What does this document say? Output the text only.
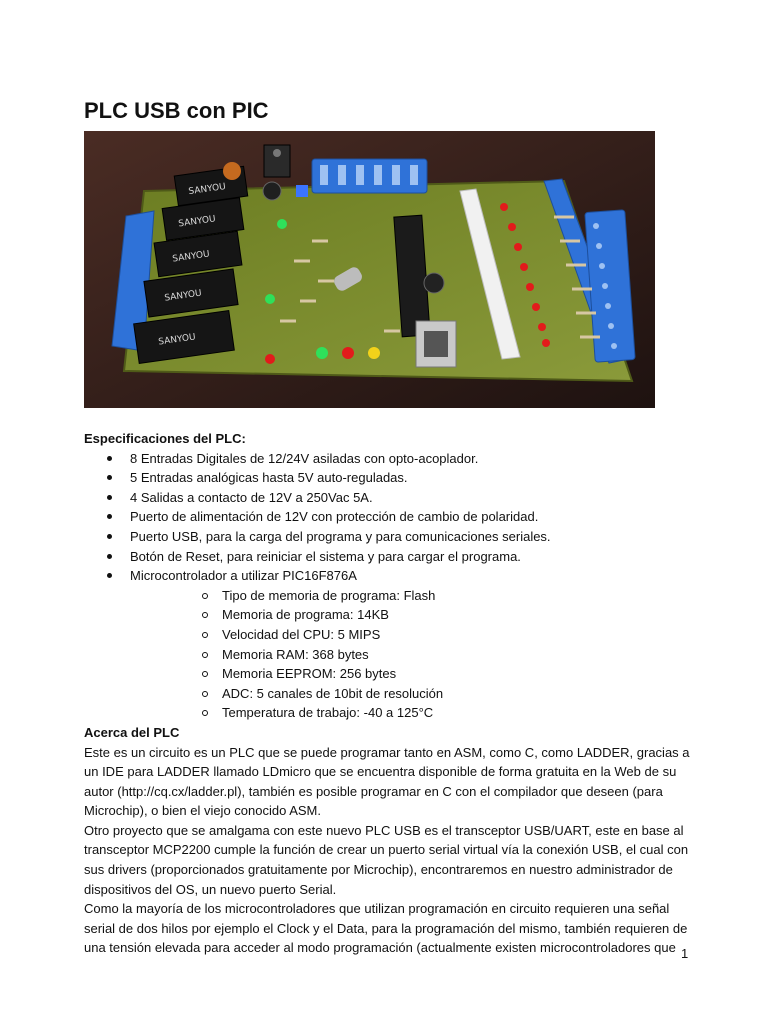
PLC USB con PIC
SANYOU
SANYOU
SANYOU
SANYOU
SANYOU

Especificaciones del PLC:

8 Entradas Digitales de 12/24V asiladas con opto-acoplador.
5 Entradas analógicas hasta 5V auto-reguladas.
4 Salidas a contacto de 12V a 250Vac 5A.
Puerto de alimentación de 12V con protección de cambio de polaridad.
Puerto USB, para la carga del programa y para comunicaciones seriales.
Botón de Reset, para reiniciar el sistema y para cargar el programa.
Microcontrolador a utilizar PIC16F876A
Tipo de memoria de programa: Flash
Memoria de programa: 14KB
Velocidad del CPU: 5 MIPS
Memoria RAM: 368 bytes
Memoria EEPROM: 256 bytes
ADC: 5 canales de 10bit de resolución
Temperatura de trabajo: -40 a 125°C

Acerca del PLC

Este es un circuito es un PLC que se puede programar tanto en ASM, como C, como LADDER, gracias a un IDE para LADDER llamado LDmicro que se encuentra disponible de forma gratuita en la Web de su autor (http://cq.cx/ladder.pl), también es posible programar en C con el compilador que deseen (para Microchip), o bien el viejo conocido ASM.

Otro proyecto que se amalgama con este nuevo PLC USB es el transceptor USB/UART, este en base al transceptor MCP2200 cumple la función de crear un puerto serial virtual vía la conexión USB, el cual con sus drivers (proporcionados gratuitamente por Microchip), encontraremos en nuestro administrador de dispositivos del OS, un nuevo puerto Serial.

Como la mayoría de los microcontroladores que utilizan programación en circuito requieren una señal serial de dos hilos por ejemplo el Clock y el Data, para la programación del mismo, también requieren de una tensión elevada para acceder al modo programación (actualmente existen microcontroladores que 1
